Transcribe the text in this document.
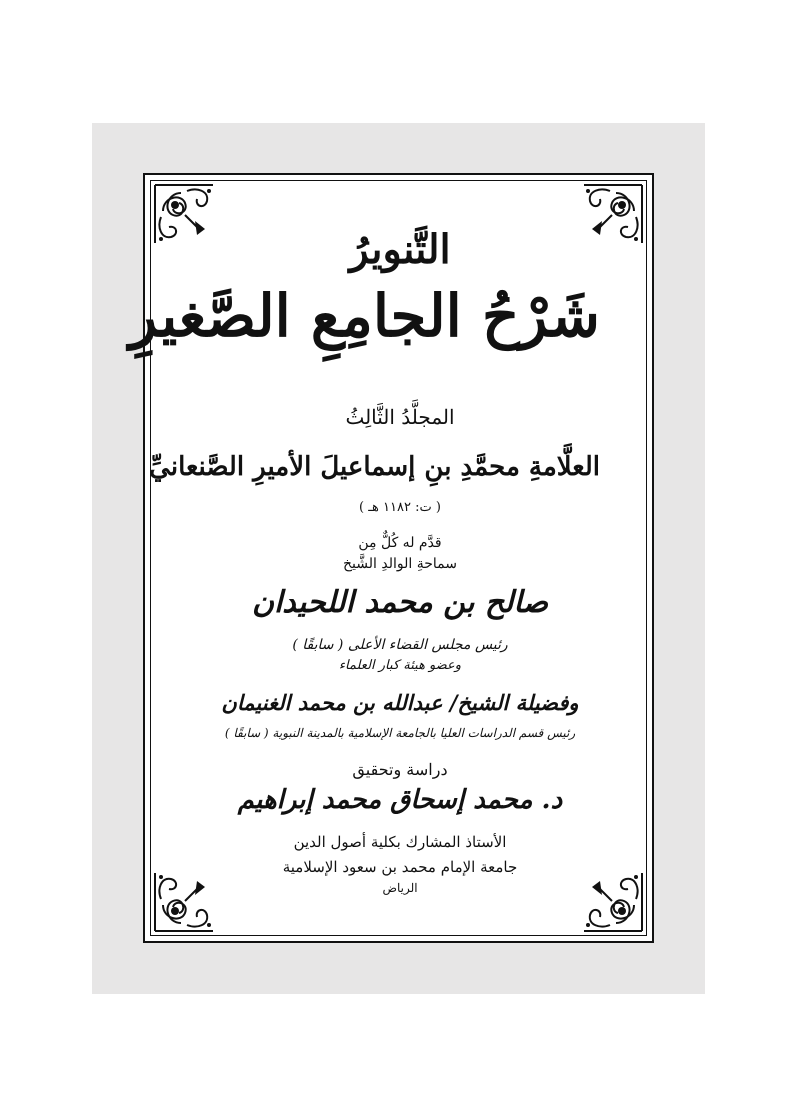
التَّنويرُ
شَرْحُ الجامِعِ الصَّغيرِ
المجلَّدُ الثَّالِثُ
العلَّامةِ محمَّدِ بنِ إسماعيلَ الأميرِ الصَّنعانيِّ
( ت: ١١٨٢ هـ )
قدَّم له كُلٌّ مِن
سماحةِ الوالدِ الشَّيخ
صالح بن محمد اللحيدان
رئيس مجلس القضاء الأعلى ( سابقًا )
وعضو هيئة كبار العلماء
وفضيلة الشيخ/ عبدالله بن محمد الغنيمان
رئيس قسم الدراسات العليا بالجامعة الإسلامية بالمدينة النبوية ( سابقًا )
دراسة وتحقيق
د. محمد إسحاق محمد إبراهيم
الأستاذ المشارك بكلية أصول الدين
جامعة الإمام محمد بن سعود الإسلامية
الرياض
